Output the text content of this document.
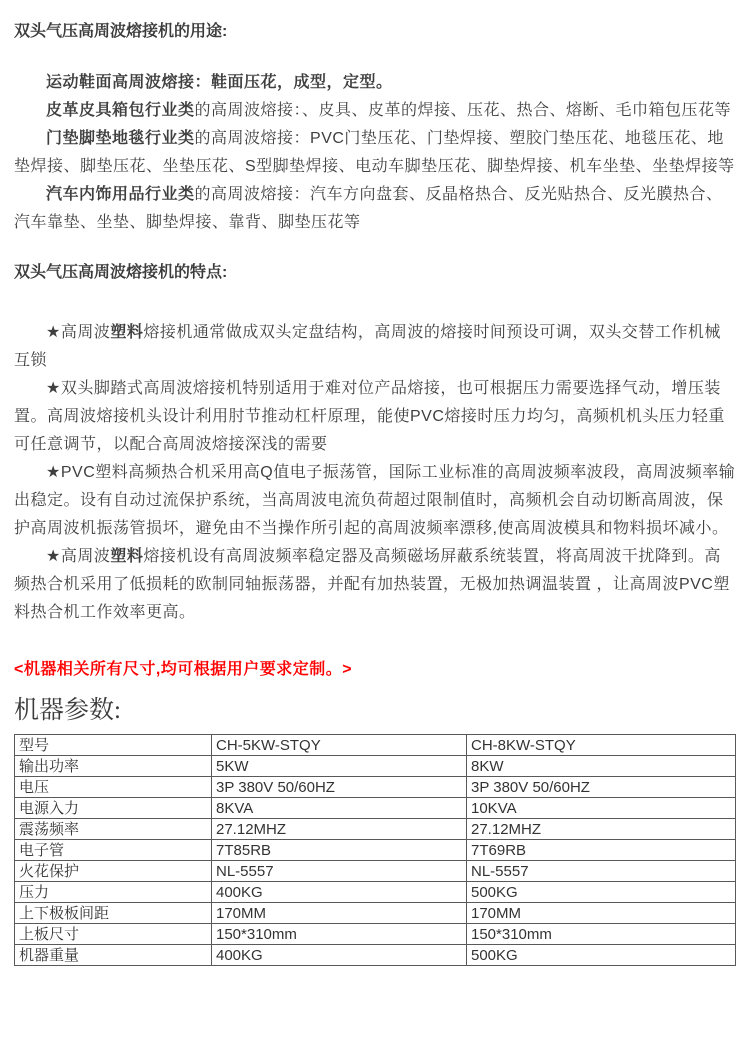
双头气压高周波熔接机的用途:

运动鞋面高周波熔接：鞋面压花，成型，定型。

皮革皮具箱包行业类的高周波熔接：、皮具、皮革的焊接、压花、热合、熔断、毛巾箱包压花等

门垫脚垫地毯行业类的高周波熔接：PVC门垫压花、门垫焊接、塑胶门垫压花、地毯压花、地垫焊接、脚垫压花、坐垫压花、S型脚垫焊接、电动车脚垫压花、脚垫焊接、机车坐垫、坐垫焊接等

汽车内饰用品行业类的高周波熔接：汽车方向盘套、反晶格热合、反光贴热合、反光膜热合、汽车靠垫、坐垫、脚垫焊接、靠背、脚垫压花等

双头气压高周波熔接机的特点:

★高周波塑料熔接机通常做成双头定盘结构，高周波的熔接时间预设可调，双头交替工作机械互锁

★双头脚踏式高周波熔接机特别适用于难对位产品熔接，也可根据压力需要选择气动，增压装置。高周波熔接机头设计利用肘节推动杠杆原理，能使PVC熔接时压力均匀，高频机机头压力轻重可任意调节，以配合高周波熔接深浅的需要

★PVC塑料高频热合机采用高Q值电子振荡管，国际工业标准的高周波频率波段，高周波频率输出稳定。设有自动过流保护系统，当高周波电流负荷超过限制值时，高频机会自动切断高周波，保护高周波机振荡管损坏，避免由不当操作所引起的高周波频率漂移,使高周波模具和物料损坏减小。

★高周波塑料熔接机设有高周波频率稳定器及高频磁场屏蔽系统装置，将高周波干扰降到。高频热合机采用了低损耗的欧制同轴振荡器，并配有加热装置，无极加热调温装置 ，让高周波PVC塑料热合机工作效率更高。

<机器相关所有尺寸,均可根据用户要求定制。>

机器参数:
型号	CH-5KW-STQY	CH-8KW-STQY
输出功率	5KW	8KW
电压	3P 380V 50/60HZ	3P 380V 50/60HZ
电源入力	8KVA	10KVA
震荡频率	27.12MHZ	27.12MHZ
电子管	7T85RB	7T69RB
火花保护	NL-5557	NL-5557
压力	400KG	500KG
上下极板间距	170MM	170MM
上板尺寸	150*310mm	150*310mm
机器重量	400KG	500KG
